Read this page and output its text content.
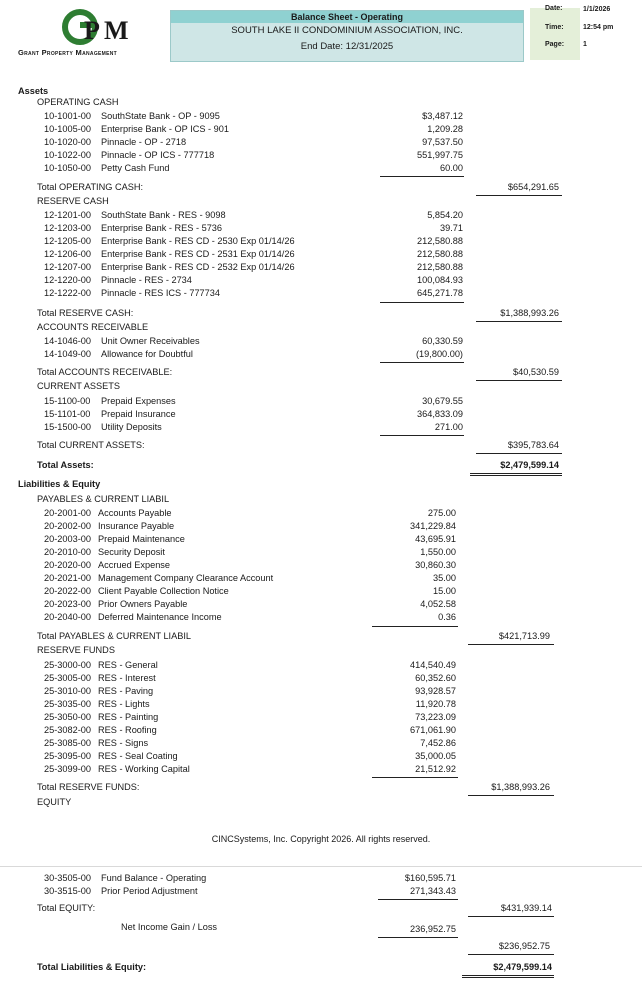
P M
Grant Property Management
Balance Sheet - Operating
SOUTH LAKE II CONDOMINIUM ASSOCIATION, INC.
End Date: 12/31/2025
Date:	1/1/2026
Time:	12:54 pm
Page:	1
Assets
OPERATING CASH
10-1001-00 SouthState Bank - OP - 9095	$3,487.12
10-1005-00 Enterprise Bank - OP ICS - 901	1,209.28
10-1020-00 Pinnacle - OP - 2718	97,537.50
10-1022-00 Pinnacle - OP ICS - 777718	551,997.75
10-1050-00 Petty Cash Fund	60.00
Total OPERATING CASH:	$654,291.65
RESERVE CASH
12-1201-00 SouthState Bank - RES - 9098	5,854.20
12-1203-00 Enterprise Bank - RES - 5736	39.71
12-1205-00 Enterprise Bank - RES CD - 2530 Exp 01/14/26	212,580.88
12-1206-00 Enterprise Bank - RES CD - 2531 Exp 01/14/26	212,580.88
12-1207-00 Enterprise Bank - RES CD - 2532 Exp 01/14/26	212,580.88
12-1220-00 Pinnacle - RES - 2734	100,084.93
12-1222-00 Pinnacle - RES ICS - 777734	645,271.78
Total RESERVE CASH:	$1,388,993.26
ACCOUNTS RECEIVABLE
14-1046-00 Unit Owner Receivables	60,330.59
14-1049-00 Allowance for Doubtful	(19,800.00)
Total ACCOUNTS RECEIVABLE:	$40,530.59
CURRENT ASSETS
15-1100-00 Prepaid Expenses	30,679.55
15-1101-00 Prepaid Insurance	364,833.09
15-1500-00 Utility Deposits	271.00
Total CURRENT ASSETS:	$395,783.64
Total Assets:	$2,479,599.14
Liabilities & Equity
PAYABLES & CURRENT LIABIL
20-2001-00 Accounts Payable	275.00
20-2002-00 Insurance Payable	341,229.84
20-2003-00 Prepaid Maintenance	43,695.91
20-2010-00 Security Deposit	1,550.00
20-2020-00 Accrued Expense	30,860.30
20-2021-00 Management Company Clearance Account	35.00
20-2022-00 Client Payable Collection Notice	15.00
20-2023-00 Prior Owners Payable	4,052.58
20-2040-00 Deferred Maintenance Income	0.36
Total PAYABLES & CURRENT LIABIL	$421,713.99
RESERVE FUNDS
25-3000-00 RES - General	414,540.49
25-3005-00 RES - Interest	60,352.60
25-3010-00 RES - Paving	93,928.57
25-3035-00 RES - Lights	11,920.78
25-3050-00 RES - Painting	73,223.09
25-3082-00 RES - Roofing	671,061.90
25-3085-00 RES - Signs	7,452.86
25-3095-00 RES - Seal Coating	35,000.05
25-3099-00 RES - Working Capital	21,512.92
Total RESERVE FUNDS:	$1,388,993.26
EQUITY
CINCSystems, Inc. Copyright 2026. All rights reserved.
30-3505-00 Fund Balance - Operating	$160,595.71
30-3515-00 Prior Period Adjustment	271,343.43
Total EQUITY:	$431,939.14
Net Income Gain / Loss	236,952.75
$236,952.75
Total Liabilities & Equity:	$2,479,599.14
